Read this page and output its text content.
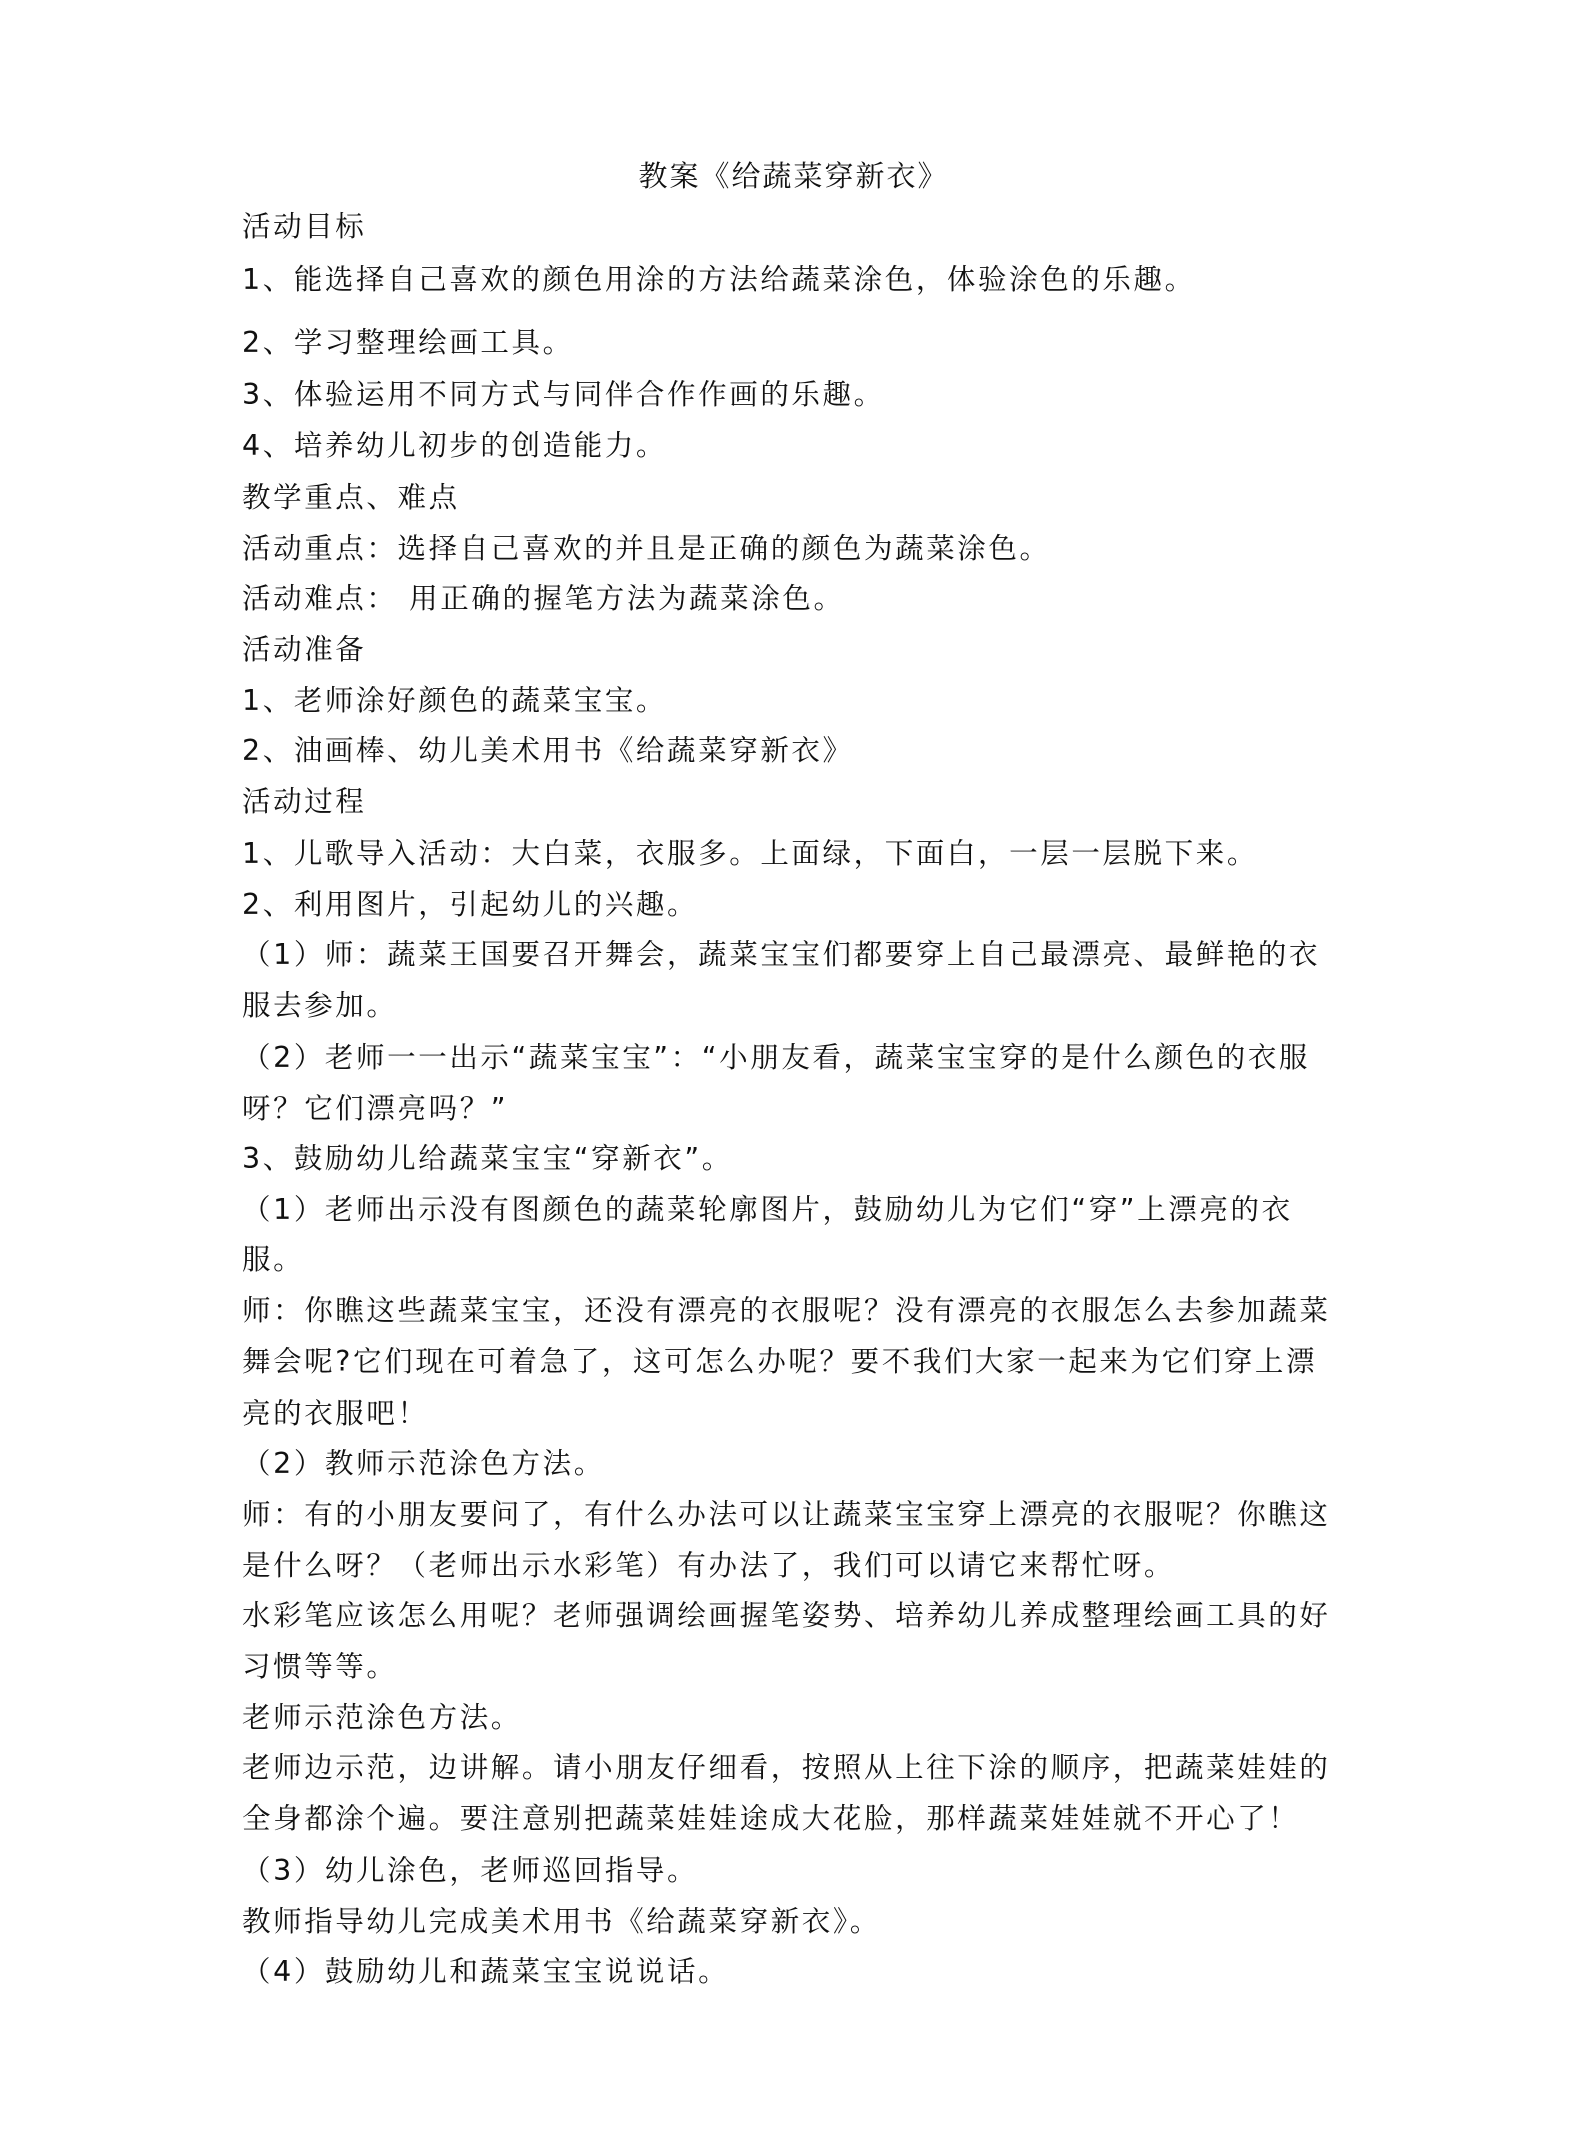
教案《给蔬菜穿新衣》
活动目标
1、能选择自己喜欢的颜色用涂的方法给蔬菜涂色，体验涂色的乐趣。
2、学习整理绘画工具。
3、体验运用不同方式与同伴合作作画的乐趣。
4、培养幼儿初步的创造能力。
教学重点、难点
活动重点：选择自己喜欢的并且是正确的颜色为蔬菜涂色。
活动难点： 用正确的握笔方法为蔬菜涂色。
活动准备
1、老师涂好颜色的蔬菜宝宝。
2、油画棒、幼儿美术用书《给蔬菜穿新衣》
活动过程
1、儿歌导入活动：大白菜，衣服多。上面绿，下面白，一层一层脱下来。
2、利用图片，引起幼儿的兴趣。
（1）师：蔬菜王国要召开舞会，蔬菜宝宝们都要穿上自己最漂亮、最鲜艳的衣
服去参加。
（2）老师一一出示“蔬菜宝宝”：“小朋友看，蔬菜宝宝穿的是什么颜色的衣服
呀？它们漂亮吗？”
3、鼓励幼儿给蔬菜宝宝“穿新衣”。
（1）老师出示没有图颜色的蔬菜轮廓图片，鼓励幼儿为它们“穿”上漂亮的衣
服。
师：你瞧这些蔬菜宝宝，还没有漂亮的衣服呢？没有漂亮的衣服怎么去参加蔬菜
舞会呢?它们现在可着急了，这可怎么办呢？要不我们大家一起来为它们穿上漂
亮的衣服吧！
（2）教师示范涂色方法。
师：有的小朋友要问了，有什么办法可以让蔬菜宝宝穿上漂亮的衣服呢？你瞧这
是什么呀？（老师出示水彩笔）有办法了，我们可以请它来帮忙呀。
水彩笔应该怎么用呢？老师强调绘画握笔姿势、培养幼儿养成整理绘画工具的好
习惯等等。
老师示范涂色方法。
老师边示范，边讲解。请小朋友仔细看，按照从上往下涂的顺序，把蔬菜娃娃的
全身都涂个遍。要注意别把蔬菜娃娃途成大花脸，那样蔬菜娃娃就不开心了！
（3）幼儿涂色，老师巡回指导。
教师指导幼儿完成美术用书《给蔬菜穿新衣》。
（4）鼓励幼儿和蔬菜宝宝说说话。
